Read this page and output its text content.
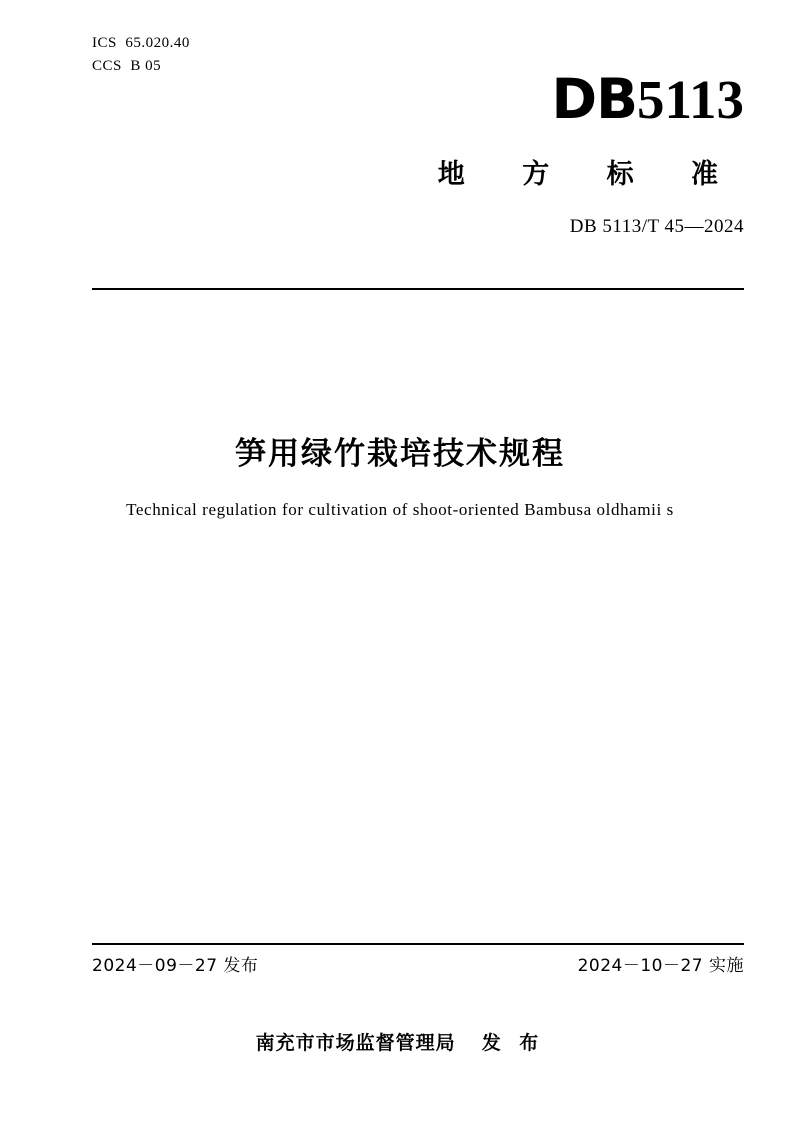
ICS  65.020.40
CCS  B 05
DB5113
地 方 标 准
DB 5113/T 45—2024
笋用绿竹栽培技术规程
Technical regulation for cultivation of shoot-oriented Bambusa oldhamii s
2024－09－27 发布	2024－10－27 实施
南充市市场监督管理局 发 布
